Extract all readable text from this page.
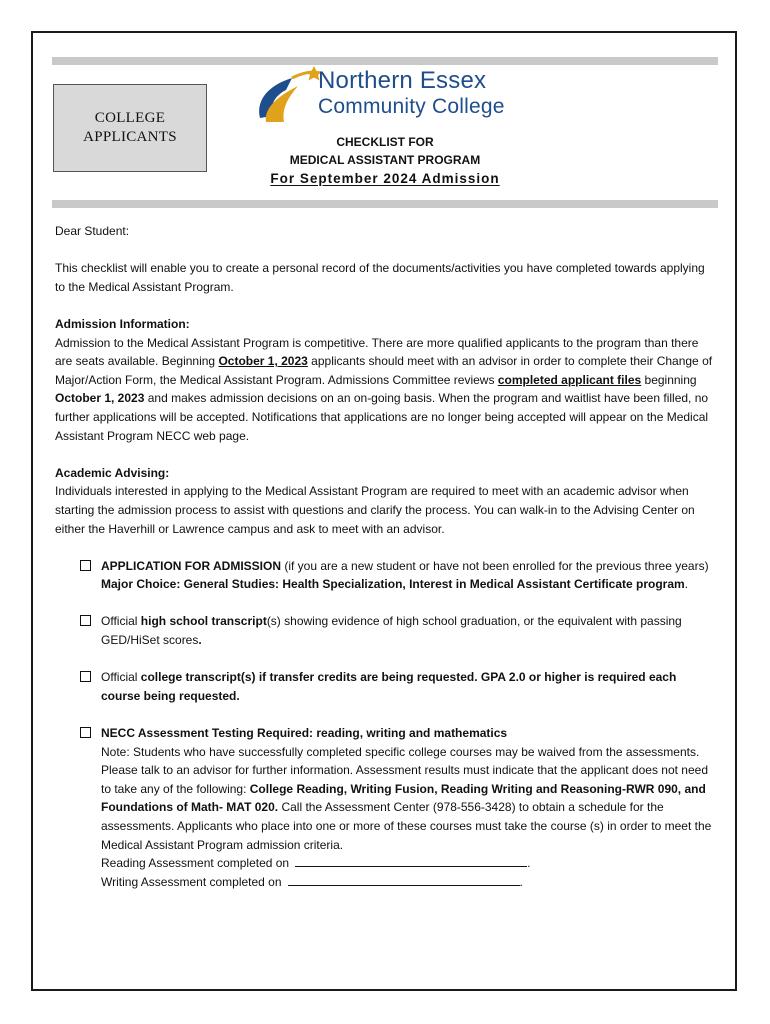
COLLEGE
APPLICANTS
Northern Essex
Community College
CHECKLIST FOR
MEDICAL ASSISTANT PROGRAM
For September 2024 Admission

Dear Student:

This checklist will enable you to create a personal record of the documents/activities you have completed towards applying to the Medical Assistant Program.

Admission Information:

Admission to the Medical Assistant Program is competitive. There are more qualified applicants to the program than there are seats available. Beginning October 1, 2023 applicants should meet with an advisor in order to complete their Change of Major/Action Form, the Medical Assistant Program. Admissions Committee reviews completed applicant files beginning October 1, 2023 and makes admission decisions on an on-going basis. When the program and waitlist have been filled, no further applications will be accepted. Notifications that applications are no longer being accepted will appear on the Medical Assistant Program NECC web page.

Academic Advising:

Individuals interested in applying to the Medical Assistant Program are required to meet with an academic advisor when starting the admission process to assist with questions and clarify the process. You can walk-in to the Advising Center on either the Haverhill or Lawrence campus and ask to meet with an advisor.

APPLICATION FOR ADMISSION (if you are a new student or have not been enrolled for the previous three years) Major Choice: General Studies: Health Specialization, Interest in Medical Assistant Certificate program.

Official high school transcript(s) showing evidence of high school graduation, or the equivalent with passing GED/HiSet scores.

Official college transcript(s) if transfer credits are being requested. GPA 2.0 or higher is required each course being requested.

NECC Assessment Testing Required: reading, writing and mathematics

Note: Students who have successfully completed specific college courses may be waived from the assessments. Please talk to an advisor for further information. Assessment results must indicate that the applicant does not need to take any of the following: College Reading, Writing Fusion, Reading Writing and Reasoning-RWR 090, and Foundations of Math- MAT 020. Call the Assessment Center (978-556-3428) to obtain a schedule for the assessments. Applicants who place into one or more of these courses must take the course (s) in order to meet the Medical Assistant Program admission criteria.

Reading Assessment completed on	.

Writing Assessment completed on	.
